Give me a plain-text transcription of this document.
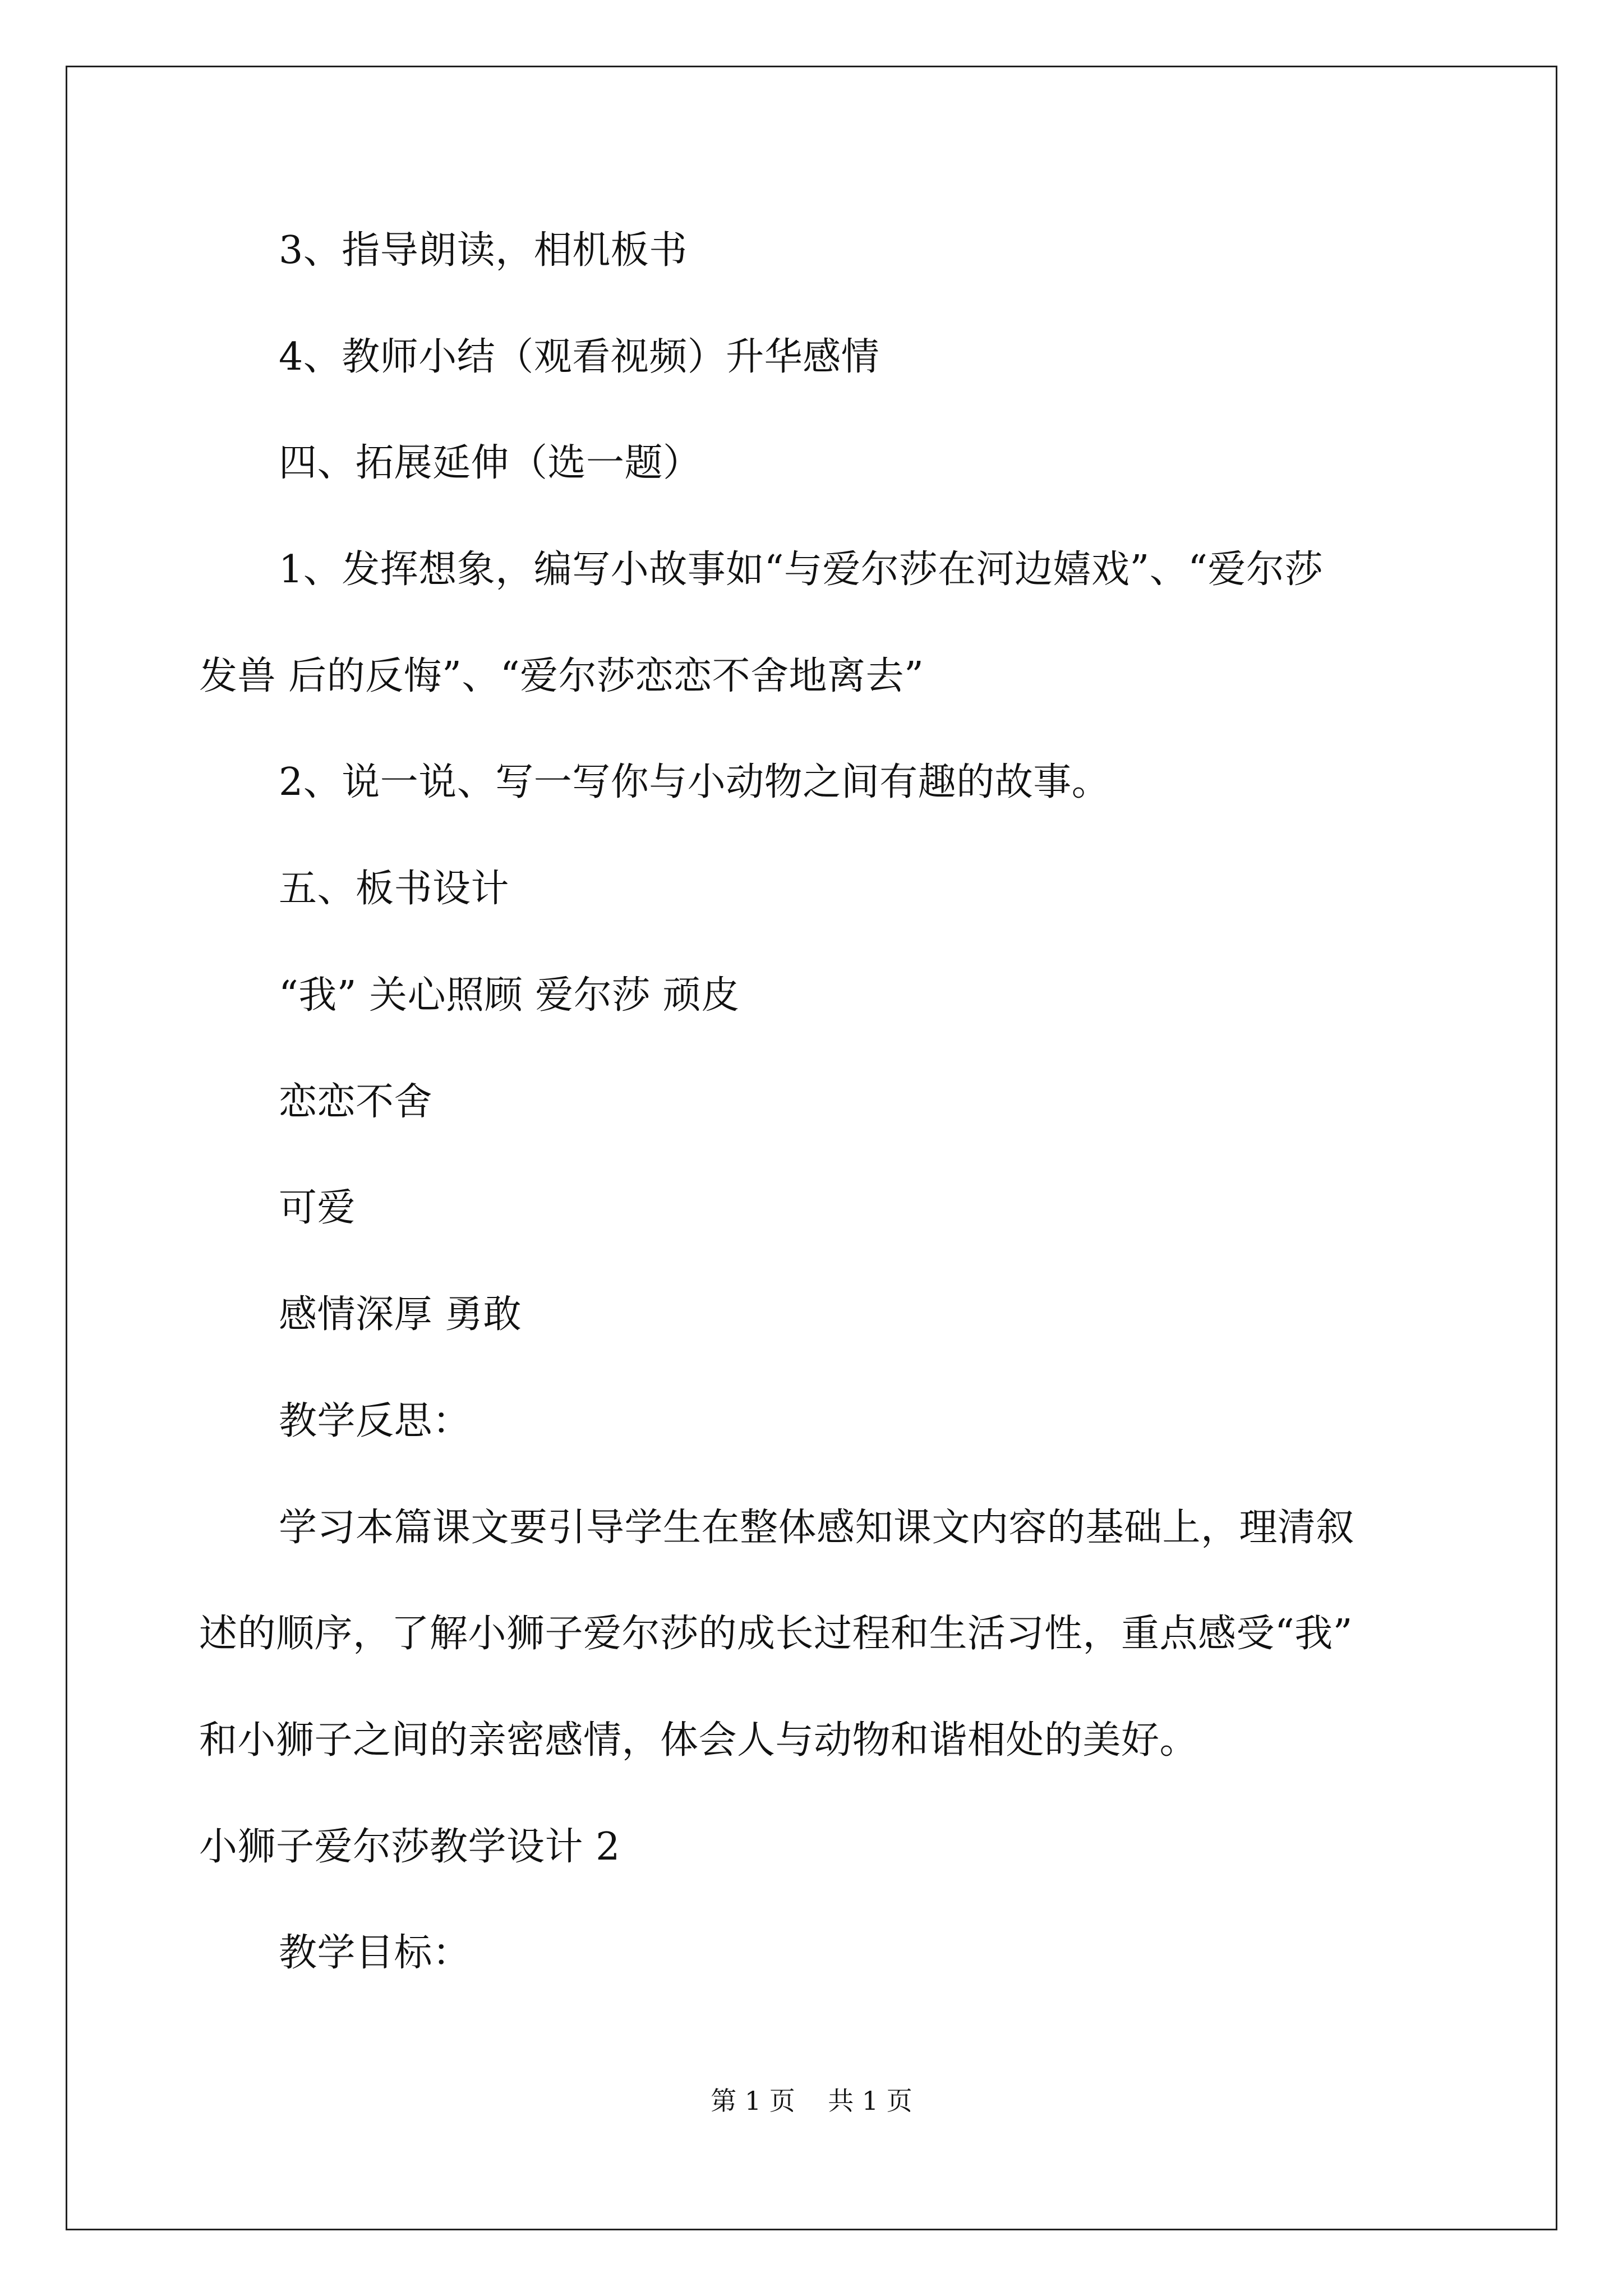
3、指导朗读，相机板书
4、教师小结（观看视频）升华感情
四、拓展延伸（选一题）
1、发挥想象，编写小故事如“与爱尔莎在河边嬉戏”、“爱尔莎
发兽 后的反悔”、“爱尔莎恋恋不舍地离去”
2、说一说、写一写你与小动物之间有趣的故事。
五、板书设计
“我” 关心照顾 爱尔莎 顽皮
恋恋不舍
可爱
感情深厚 勇敢
教学反思：
学习本篇课文要引导学生在整体感知课文内容的基础上，理清叙
述的顺序，了解小狮子爱尔莎的成长过程和生活习性，重点感受“我”
和小狮子之间的亲密感情，体会人与动物和谐相处的美好。
小狮子爱尔莎教学设计 2
教学目标：
第 1 页    共 1 页
